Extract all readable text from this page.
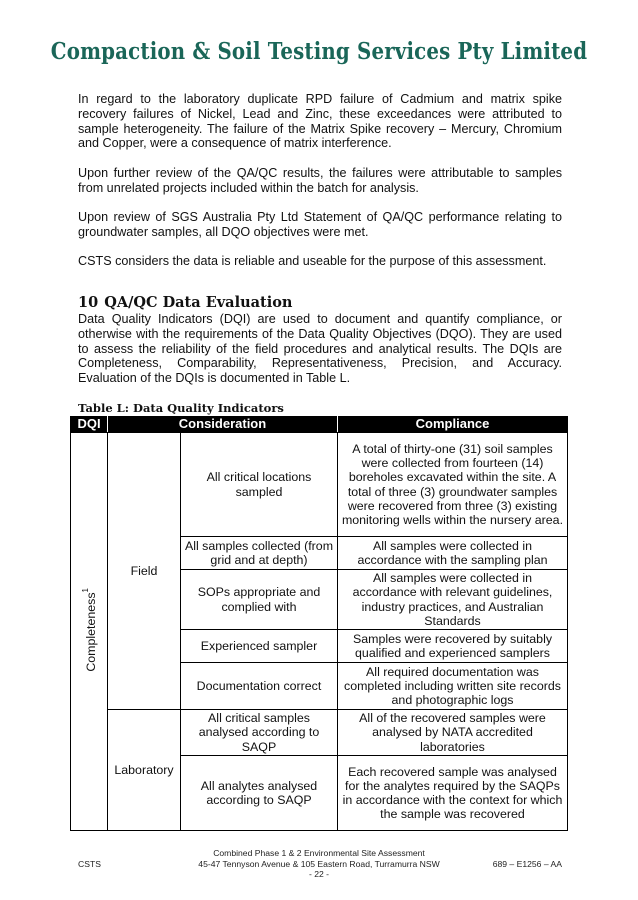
Compaction & Soil Testing Services Pty Limited

In regard to the laboratory duplicate RPD failure of Cadmium and matrix spike recovery failures of Nickel, Lead and Zinc, these exceedances were attributed to sample heterogeneity. The failure of the Matrix Spike recovery – Mercury, Chromium and Copper, were a consequence of matrix interference.

Upon further review of the QA/QC results, the failures were attributable to samples from unrelated projects included within the batch for analysis.

Upon review of SGS Australia Pty Ltd Statement of QA/QC performance relating to groundwater samples, all DQO objectives were met.

CSTS considers the data is reliable and useable for the purpose of this assessment.

10 QA/QC Data Evaluation

Data Quality Indicators (DQI) are used to document and quantify compliance, or otherwise with the requirements of the Data Quality Objectives (DQO). They are used to assess the reliability of the field procedures and analytical results. The DQIs are Completeness, Comparability, Representativeness, Precision, and Accuracy. Evaluation of the DQIs is documented in Table L.

Table L: Data Quality Indicators

DQI	Consideration		Compliance
Completeness$^1$	Field	All critical locations sampled	A total of thirty-one (31) soil samples were collected from fourteen (14) boreholes excavated within the site. A total of three (3) groundwater samples were recovered from three (3) existing monitoring wells within the nursery area.
		All samples collected (from grid and at depth)	All samples were collected in accordance with the sampling plan
		SOPs appropriate and complied with	All samples were collected in accordance with relevant guidelines, industry practices, and Australian Standards
		Experienced sampler	Samples were recovered by suitably qualified and experienced samplers
		Documentation correct	All required documentation was completed including written site records and photographic logs
	Laboratory	All critical samples analysed according to SAQP	All of the recovered samples were analysed by NATA accredited laboratories
		All analytes analysed according to SAQP	Each recovered sample was analysed for the analytes required by the SAQPs in accordance with the context for which the sample was recovered
CSTS
Combined Phase 1 & 2 Environmental Site Assessment
45-47 Tennyson Avenue & 105 Eastern Road, Turramurra NSW
- 22 -
689 – E1256 – AA
